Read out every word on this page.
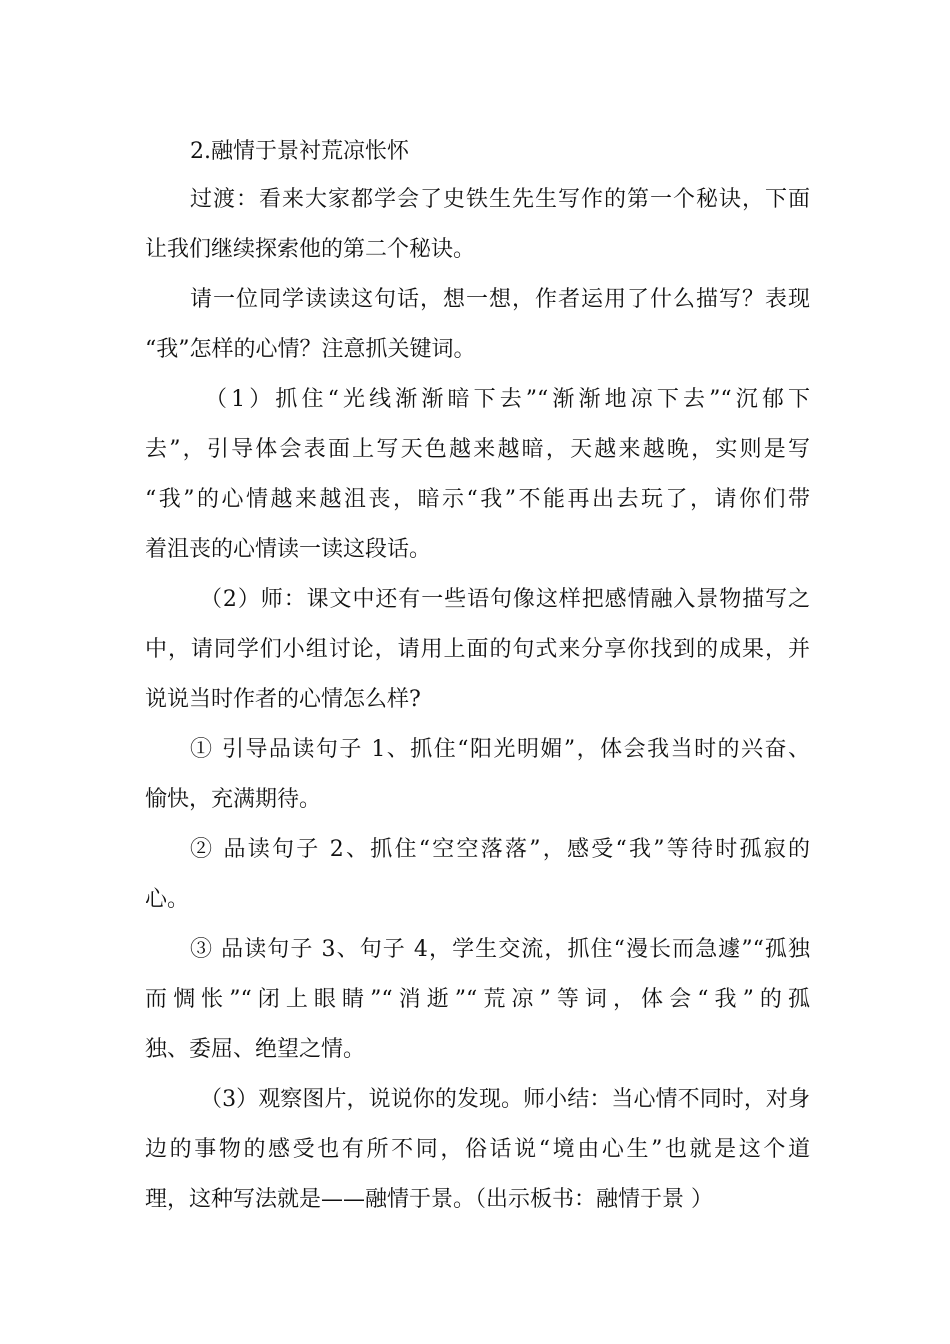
2.融情于景衬荒凉怅怀
过渡：看来大家都学会了史铁生先生写作的第一个秘诀，下面
让我们继续探索他的第二个秘诀。
请一位同学读读这句话，想一想，作者运用了什么描写？表现
“我”怎样的心情？注意抓关键词。
（1）抓住“光线渐渐暗下去”“渐渐地凉下去”“沉郁下
去”，引导体会表面上写天色越来越暗，天越来越晚，实则是写
“我”的心情越来越沮丧，暗示“我”不能再出去玩了，请你们带
着沮丧的心情读一读这段话。
（2）师：课文中还有一些语句像这样把感情融入景物描写之
中，请同学们小组讨论，请用上面的句式来分享你找到的成果，并
说说当时作者的心情怎么样?
① 引导品读句子 1、抓住“阳光明媚”，体会我当时的兴奋、
愉快，充满期待。
② 品读句子 2、抓住“空空落落”，感受“我”等待时孤寂的
心。
③ 品读句子 3、句子 4，学生交流，抓住“漫长而急遽”“孤独
而惆怅”“闭上眼睛”“消逝”“荒凉”等词，体会“我”的孤
独、委屈、绝望之情。
（3）观察图片，说说你的发现。师小结：当心情不同时，对身
边的事物的感受也有所不同，俗话说“境由心生”也就是这个道
理，这种写法就是——融情于景。（出示板书：融情于景 ）
